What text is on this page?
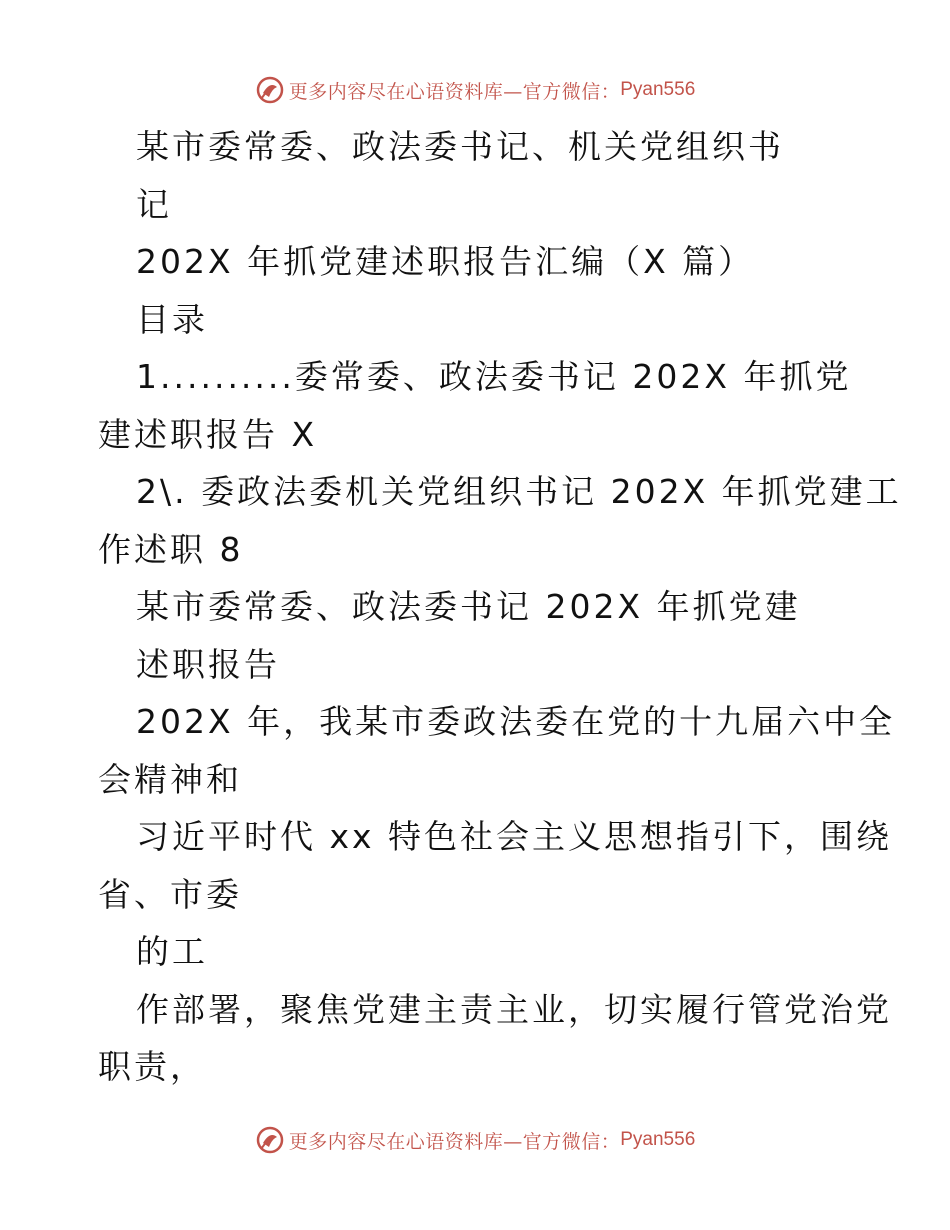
更多内容尽在心语资料库—官方微信： Pyan556
某市委常委、政法委书记、机关党组织书
记
202X 年抓党建述职报告汇编（X 篇）
目录
1..........委常委、政法委书记 202X 年抓党
建述职报告 X
2\. 委政法委机关党组织书记 202X 年抓党建工
作述职 8
某市委常委、政法委书记 202X 年抓党建
述职报告
202X 年，我某市委政法委在党的十九届六中全
会精神和
习近平时代 xx 特色社会主义思想指引下，围绕
省、市委
的工
作部署，聚焦党建主责主业，切实履行管党治党
职责，
更多内容尽在心语资料库—官方微信： Pyan556
